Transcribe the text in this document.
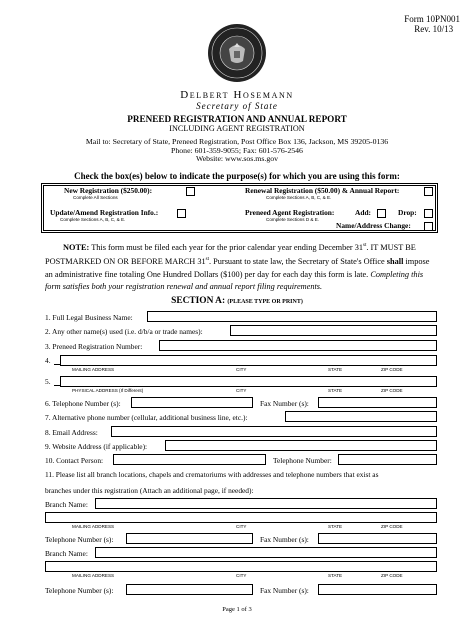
Form 10PN001
Rev. 10/13
Delbert Hosemann
Secretary of State
PRENEED REGISTRATION AND ANNUAL REPORT
INCLUDING AGENT REGISTRATION
Mail to: Secretary of State, Preneed Registration, Post Office Box 136, Jackson, MS 39205-0136
Phone: 601-359-9055; Fax: 601-576-2546
Website: www.sos.ms.gov
Check the box(es) below to indicate the purpose(s) for which you are using this form:
New Registration ($250.00):
Complete All Sections
Renewal Registration ($50.00) & Annual Report:
Complete Sections A, B, C, & E.
Update/Amend Registration Info.:
Complete Sections A, B, C, & E.
Preneed Agent Registration:	Add:	Drop:
Complete Sections D & E.
Name/Address Change:
NOTE: This form must be filed each year for the prior calendar year ending December 31st. IT MUST BE
POSTMARKED ON OR BEFORE MARCH 31st. Pursuant to state law, the Secretary of State's Office shall impose
an administrative fine totaling One Hundred Dollars ($100) per day for each day this form is late. Completing this
form satisfies both your registration renewal and annual report filing requirements.
SECTION A: (PLEASE TYPE OR PRINT)
1. Full Legal Business Name:
2. Any other name(s) used (i.e. d/b/a or trade names):
3. Preneed Registration Number:
4.
MAILING ADDRESS	CITY	STATE	ZIP CODE
5.
PHYSICAL ADDRESS (If Different)	CITY	STATE	ZIP CODE
6. Telephone Number (s):	Fax Number (s):
7. Alternative phone number (cellular, additional business line, etc.):
8. Email Address:
9. Website Address (if applicable):
10. Contact Person:	Telephone Number:
11. Please list all branch locations, chapels and crematoriums with addresses and telephone numbers that exist as
branches under this registration (Attach an additional page, if needed):
Branch Name:
MAILING ADDRESS	CITY	STATE	ZIP CODE
Telephone Number (s):	Fax Number (s):
Branch Name:
MAILING ADDRESS	CITY	STATE	ZIP CODE
Telephone Number (s):	Fax Number (s):
Page 1 of 3
